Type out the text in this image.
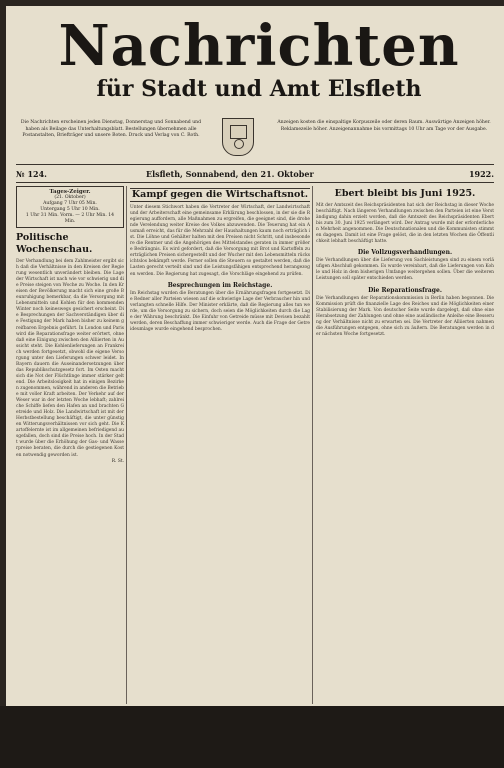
Nachrichten
für Stadt und Amt Elsfleth
Die Nachrichten erscheinen jeden Dienstag, Donnerstag und Sonnabend und haben als Beilage das Unterhaltungsblatt. Bestellungen übernehmen alle Postanstalten, Briefträger und unsere Boten. Druck und Verlag von C. Roth.
Anzeigen kosten die einspaltige Korpuszeile oder deren Raum. Auswärtige Anzeigen höher. Reklamezeile höher. Anzeigenannahme bis vormittags 10 Uhr am Tage vor der Ausgabe.
№ 124.	Elsfleth, Sonnabend, den 21. Oktober	1922.
Tages-Zeiger.
(21. Oktober)
Aufgang 7 Uhr 05 Min.
Untergang 5 Uhr 10 Min.
1 Uhr 31 Min. Vorm. — 2 Uhr Min. 14 Min.
Politische Wochenschau.
Der Verhandlung bei dem Zahlmeister ergibt sich daß die Verhältnisse in den Kreisen der Regierung wesentlich unverändert bleiben. Die Lage der Wirtschaft ist nach wie vor schwierig und die Preise steigen von Woche zu Woche. In den Kreisen der Bevölkerung macht sich eine große Beunruhigung bemerkbar, da die Versorgung mit Lebensmitteln und Kohlen für den kommenden Winter noch keineswegs gesichert erscheint. Die Besprechungen der Sachverständigen über die Festigung der Mark haben bisher zu keinem greifbaren Ergebnis geführt. In London und Paris wird die Reparationsfrage weiter erörtert, ohne daß eine Einigung zwischen den Alliierten in Aussicht steht. Die Kohlenlieferungen an Frankreich werden fortgesetzt, obwohl die eigene Versorgung unter den Lieferungen schwer leidet. In Bayern dauern die Auseinandersetzungen über das Republikschutzgesetz fort. Im Osten macht sich die Not der Flüchtlinge immer stärker geltend. Die Arbeitslosigkeit hat in einigen Bezirken zugenommen, während in anderen die Betriebe mit voller Kraft arbeiten. Der Verkehr auf der Weser war in der letzten Woche lebhaft; zahlreiche Schiffe liefen den Hafen an und brachten Getreide und Holz. Die Landwirtschaft ist mit der Herbstbestellung beschäftigt, die unter günstigen Witterungsverhältnissen vor sich geht. Die Kartoffelernte ist im allgemeinen befriedigend ausgefallen, doch sind die Preise hoch. In der Stadt wurde über die Erhöhung der Gas- und Wasserpreise beraten, die durch die gestiegenen Kosten notwendig geworden ist.
R. St.
Kampf gegen die Wirtschaftsnot.
Unter diesem Stichwort haben die Vertreter der Wirtschaft, der Landwirtschaft und der Arbeiterschaft eine gemeinsame Erklärung beschlossen, in der sie die Regierung auffordern, alle Maßnahmen zu ergreifen, die geeignet sind, die drohende Verelendung weiter Kreise des Volkes abzuwenden. Die Teuerung hat ein Ausmaß erreicht, das für die Mehrzahl der Haushaltungen kaum noch erträglich ist. Die Löhne und Gehälter halten mit den Preisen nicht Schritt, und insbesondere die Rentner und die Angehörigen des Mittelstandes geraten in immer größere Bedrängnis. Es wird gefordert, daß die Versorgung mit Brot und Kartoffeln zu erträglichen Preisen sichergestellt und der Wucher mit den Lebensmitteln rücksichtslos bekämpft werde. Ferner sollen die Steuern so gestaltet werden, daß die Lasten gerecht verteilt sind und die Leistungsfähigen entsprechend herangezogen werden. Die Regierung hat zugesagt, die Vorschläge eingehend zu prüfen.
Besprechungen im Reichstage.
Im Reichstag wurden die Beratungen über die Ernährungsfragen fortgesetzt. Die Redner aller Parteien wiesen auf die schwierige Lage der Verbraucher hin und verlangten schnelle Hilfe. Der Minister erklärte, daß die Regierung alles tun werde, um die Versorgung zu sichern, doch seien die Möglichkeiten durch die Lage der Währung beschränkt. Die Einfuhr von Getreide müsse mit Devisen bezahlt werden, deren Beschaffung immer schwieriger werde. Auch die Frage der Getreideumlage wurde eingehend besprochen.
Ebert bleibt bis Juni 1925.
Mit der Amtszeit des Reichspräsidenten hat sich der Reichstag in dieser Woche beschäftigt. Nach längeren Verhandlungen zwischen den Parteien ist eine Verständigung dahin erzielt worden, daß die Amtszeit des Reichspräsidenten Ebert bis zum 30. Juni 1925 verlängert wird. Der Antrag wurde mit der erforderlichen Mehrheit angenommen. Die Deutschnationalen und die Kommunisten stimmten dagegen. Damit ist eine Frage gelöst, die in den letzten Wochen die Öffentlichkeit lebhaft beschäftigt hatte.
Die Vollzugsverhandlungen.
Die Verhandlungen über die Lieferung von Sachleistungen sind zu einem vorläufigen Abschluß gekommen. Es wurde vereinbart, daß die Lieferungen von Kohle und Holz in dem bisherigen Umfange weitergehen sollen. Über die weiteren Leistungen soll später entschieden werden.
Die Reparationsfrage.
Die Verhandlungen der Reparationskommission in Berlin haben begonnen. Die Kommission prüft die finanzielle Lage des Reiches und die Möglichkeiten einer Stabilisierung der Mark. Von deutscher Seite wurde dargelegt, daß ohne eine Herabsetzung der Zahlungen und ohne eine ausländische Anleihe eine Besserung der Verhältnisse nicht zu erwarten sei. Die Vertreter der Alliierten nahmen die Ausführungen entgegen, ohne sich zu äußern. Die Beratungen werden in der nächsten Woche fortgesetzt.
